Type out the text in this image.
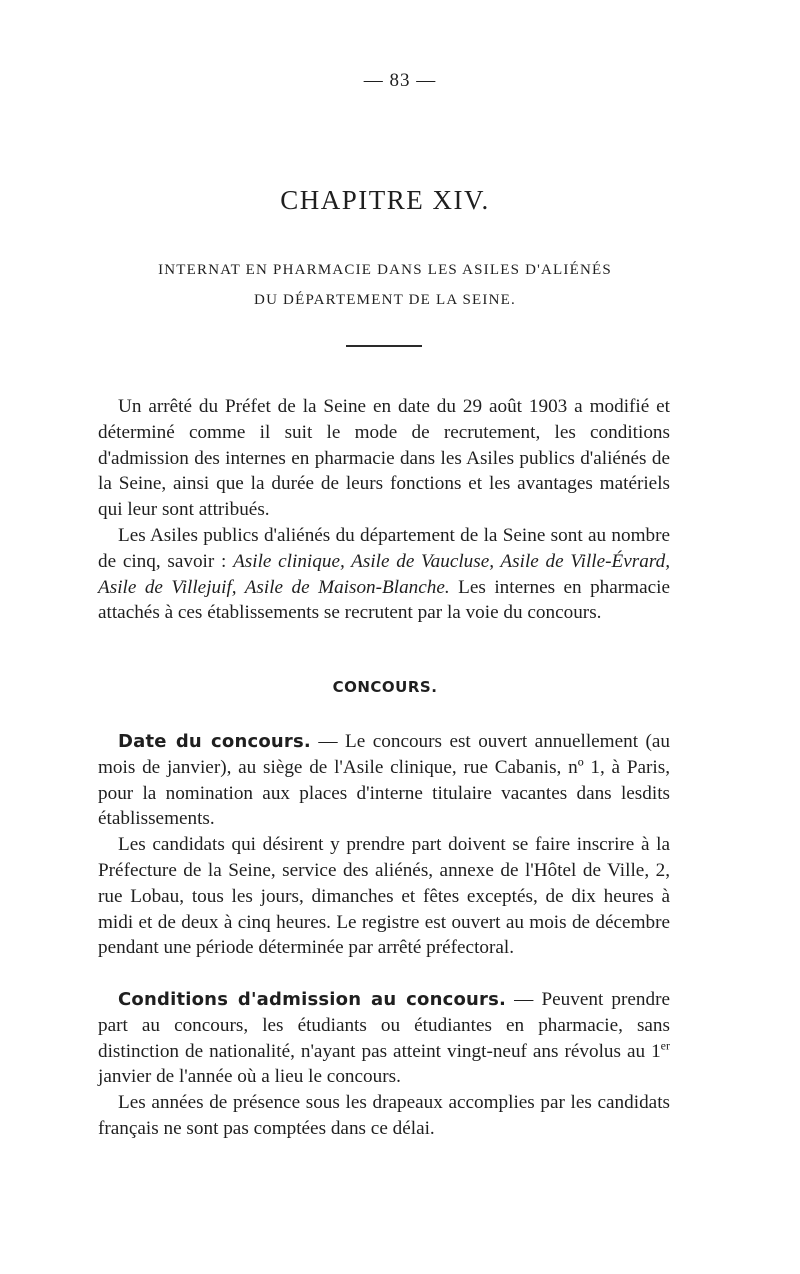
— 83 —
CHAPITRE XIV.
INTERNAT EN PHARMACIE DANS LES ASILES D'ALIÉNÉS
DU DÉPARTEMENT DE LA SEINE.

Un arrêté du Préfet de la Seine en date du 29 août 1903 a modifié et déterminé comme il suit le mode de recrutement, les conditions d'admission des internes en pharmacie dans les Asiles publics d'aliénés de la Seine, ainsi que la durée de leurs fonctions et les avantages matériels qui leur sont attribués.

Les Asiles publics d'aliénés du département de la Seine sont au nombre de cinq, savoir : Asile clinique, Asile de Vaucluse, Asile de Ville-Évrard, Asile de Villejuif, Asile de Maison-Blanche. Les internes en pharmacie attachés à ces établissements se recrutent par la voie du concours.

CONCOURS.

Date du concours. — Le concours est ouvert annuellement (au mois de janvier), au siège de l'Asile clinique, rue Cabanis, nº 1, à Paris, pour la nomination aux places d'interne titulaire vacantes dans lesdits établissements.

Les candidats qui désirent y prendre part doivent se faire inscrire à la Préfecture de la Seine, service des aliénés, annexe de l'Hôtel de Ville, 2, rue Lobau, tous les jours, dimanches et fêtes exceptés, de dix heures à midi et de deux à cinq heures. Le registre est ouvert au mois de décembre pendant une période déterminée par arrêté préfectoral.

Conditions d'admission au concours. — Peuvent prendre part au concours, les étudiants ou étudiantes en pharmacie, sans distinction de nationalité, n'ayant pas atteint vingt-neuf ans révolus au 1er janvier de l'année où a lieu le concours.

Les années de présence sous les drapeaux accomplies par les candidats français ne sont pas comptées dans ce délai.
